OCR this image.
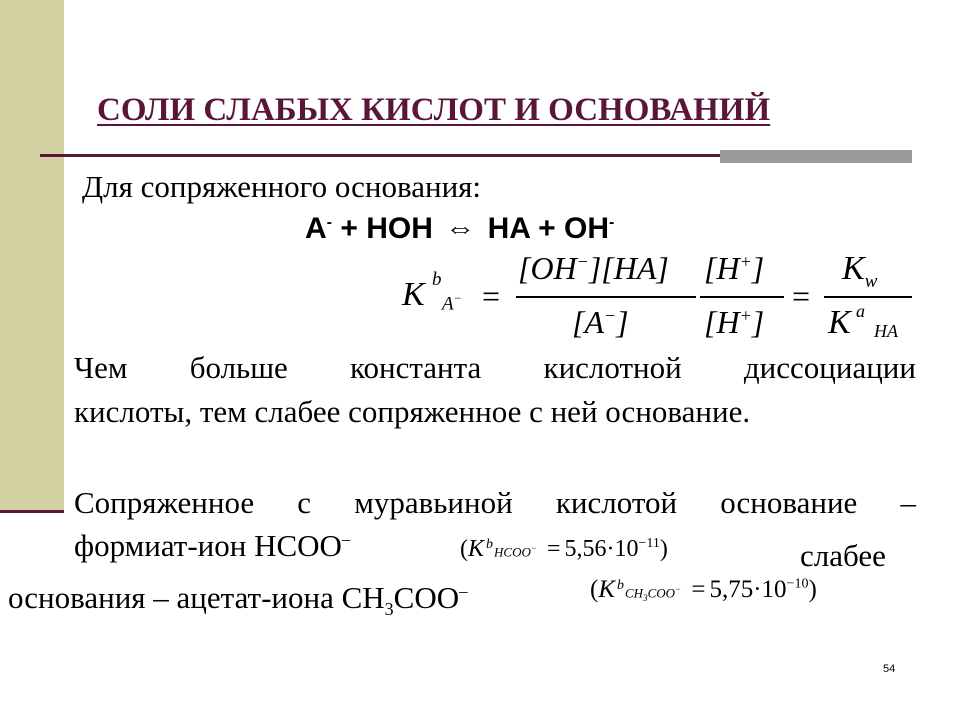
СОЛИ СЛАБЫХ КИСЛОТ И ОСНОВАНИЙ
Для сопряженного основания:
A- + HOH ⇔ HA + OH-
K b
A− =
[OH−][HA]
[A−]
[H+]
[H+]
=
$K_w$
K a
HA
Чем больше константа кислотной диссоциации
кислоты, тем слабее сопряженное с ней основание.
Сопряженное с муравьиной кислотой основание –
формиат-ион HCOO–	(K bHCOO− = $5,56\cdot 10^{-11}$)	слабее
основания – ацетат-иона $CH_3COO^-$	(K $bCH_3COO^- = 5,75\cdot 10^{-10}$)
54
